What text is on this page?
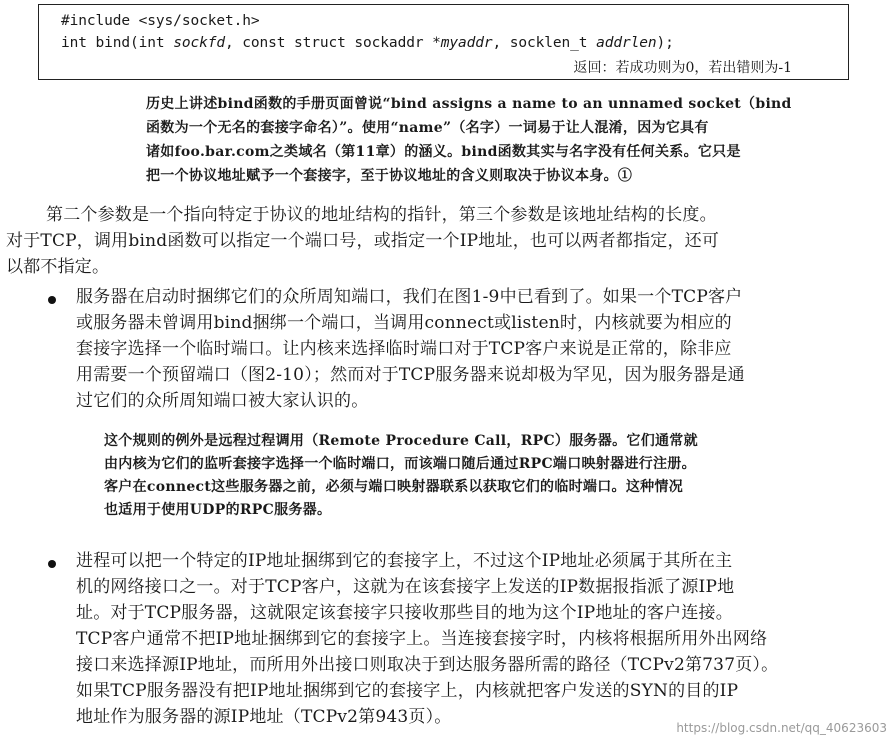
#include <sys/socket.h>
int bind(int sockfd, const struct sockaddr *myaddr, socklen_t addrlen);
返回：若成功则为0，若出错则为-1
历史上讲述bind函数的手册页面曾说“bind assigns a name to an unnamed socket（bind
函数为一个无名的套接字命名）”。使用“name”（名字）一词易于让人混淆，因为它具有
诸如foo.bar.com之类域名（第11章）的涵义。bind函数其实与名字没有任何关系。它只是
把一个协议地址赋予一个套接字，至于协议地址的含义则取决于协议本身。①
第二个参数是一个指向特定于协议的地址结构的指针，第三个参数是该地址结构的长度。
对于TCP，调用bind函数可以指定一个端口号，或指定一个IP地址，也可以两者都指定，还可
以都不指定。
服务器在启动时捆绑它们的众所周知端口，我们在图1-9中已看到了。如果一个TCP客户
或服务器未曾调用bind捆绑一个端口，当调用connect或listen时，内核就要为相应的
套接字选择一个临时端口。让内核来选择临时端口对于TCP客户来说是正常的，除非应
用需要一个预留端口（图2-10）；然而对于TCP服务器来说却极为罕见，因为服务器是通
过它们的众所周知端口被大家认识的。
这个规则的例外是远程过程调用（Remote Procedure Call，RPC）服务器。它们通常就
由内核为它们的监听套接字选择一个临时端口，而该端口随后通过RPC端口映射器进行注册。
客户在connect这些服务器之前，必须与端口映射器联系以获取它们的临时端口。这种情况
也适用于使用UDP的RPC服务器。
进程可以把一个特定的IP地址捆绑到它的套接字上，不过这个IP地址必须属于其所在主
机的网络接口之一。对于TCP客户，这就为在该套接字上发送的IP数据报指派了源IP地
址。对于TCP服务器，这就限定该套接字只接收那些目的地为这个IP地址的客户连接。
TCP客户通常不把IP地址捆绑到它的套接字上。当连接套接字时，内核将根据所用外出网络
接口来选择源IP地址，而所用外出接口则取决于到达服务器所需的路径（TCPv2第737页）。
如果TCP服务器没有把IP地址捆绑到它的套接字上，内核就把客户发送的SYN的目的IP
地址作为服务器的源IP地址（TCPv2第943页）。
https://blog.csdn.net/qq_40623603
